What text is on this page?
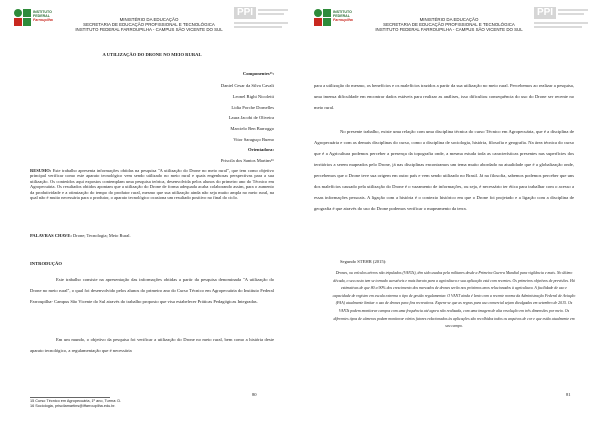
INSTITUTO
FEDERAL
Farroupilha	MINISTÉRIO DA EDUCAÇÃO
SECRETARIA DE EDUCAÇÃO PROFISSIONAL E TECNOLÓGICA
INSTITUTO FEDERAL FARROUPILHA - CAMPUS SÃO VICENTE DO SUL
PPI
A UTILIZAÇÃO DO DRONE NO MEIO RURAL
Componentes¹⁵:
Daniel Cesar da Silva Cavali
Leonel Righi Nicoletti
Lidia Porche Dornelles
Laura Jacobi de Oliveira
Marcielo Ben Barroggo
Vitor Saraguço Bueno
Orientadora:
Priscila dos Santos Martins¹⁶
RESUMO: Este trabalho apresenta informações obtidas na pesquisa "A utilização do Drone no meio rural", que tem como objetivo principal verificar como este aparato tecnológico vem sendo utilizado no meio rural e quais engenhosas perspectivas para a sua utilização. Os conteúdos aqui expostos contemplam uma pesquisa teórica, desenvolvida pelos alunos do primeiro ano do Técnico em Agropecuária. Os resultados obtidos apontam que a utilização do Drone de forma adequada acaba colaborando assim, para o aumento da produtividade e a otimização do tempo do produtor rural, mesmo que sua utilização ainda não seja muito ampla no meio rural, na qual não é muito necessária para o produtor, o aparato tecnológico ocasiona um resultado positivo no final do ciclo.
PALAVRAS CHAVE: Drone; Tecnologia; Meio Rural.
INTRODUÇÃO
Este trabalho consiste na apresentação das informações obtidas a partir da pesquisa denominada "A utilização do Drone no meio rural", o qual foi desenvolvido pelos alunos do primeiro ano do Curso Técnico em Agropecuária do Instituto Federal Farroupilha- Campus São Vicente do Sul através do trabalho proposto que visa estabelecer Práticas Pedagógicas Integradas.
Em um mundo, o objetivo da pesquisa foi verificar a utilização do Drone no meio rural, bem como a história deste aparato tecnológico, a regulamentação que é necessária
15 Curso Técnico em Agropecuária, 1º ano, Turma: D.
16 Sociologia, priscilamartins@iffarroupilha.edu.br.
80
INSTITUTO
FEDERAL
Farroupilha	MINISTÉRIO DA EDUCAÇÃO
SECRETARIA DE EDUCAÇÃO PROFISSIONAL E TECNOLÓGICA
INSTITUTO FEDERAL FARROUPILHA - CAMPUS SÃO VICENTE DO SUL
PPI
para a utilização do mesmo, os benefícios e os malefícios trazidos a partir da sua utilização no meio rural. Percebemos ao realizar a pesquisa, uma imensa dificuldade em encontrar dados estáveis para realizar as análises, isso dificultou consequência do uso do Drone ser recente no meio rural.
No presente trabalho, existe uma relação com uma disciplina técnica do curso Técnico em Agropecuária, que é a disciplina de Agropecuária e com as demais disciplinas do curso, como a disciplina de sociologia, história, filosofia e geografia. Na área técnica do curso que é a Agricultura podemos perceber a presença da topografia onde, a mesma estuda toda as características presentes nas superfícies dos territórios a serem mapeados pelo Drone, já nas disciplinas encontramos um tema muito abordado na atualidade que é a globalização onde, percebemos que o Drone teve sua origem em outro país e vem sendo utilizado no Brasil. Já na filosofia, sabemos podemos perceber que uns dos malefícios causado pela utilização do Drone é o vazamento de informações, ou seja, é necessário ter ética para trabalhar com o acesso a essas informações pessoais. A ligação com a história é o contexto histórico em que o Drone foi projetado e a ligação com a disciplina de geografia é que através do uso do Drone podemos verificar o mapeamento da terra.
Segundo STEHR (2015):
Drones, ou veículos aéreos não tripulados (VANTs), têm sido usados pela militares desde a Primeira Guerra Mundial para vigilância e mais. No último década, o seu custo tem se tornado acessíveis e mais barato para a agricultura e sua aplicação está com recentes. Os primeiros objetivos de previsões. Há estimativas de que 80 a 90% dos crescimento dos mercados de drones serão nos próximos anos relacionados à agricultura. A facilidade de uso e capacidade de registro em escala extrema o tipo de gestão regulamentar. O VANT ainda é lento com a recente norma da Administração Federal de Aviação (FAA) atualmente limitar o uso de drones para fins recreativos. Espera-se que as regras para uso comercial sejam divulgadas em setembro de 2015. Os VANTs podem monitorar campos com uma frequência até agora não realizada, com uma imagem de alta resolução em três dimensões por meio. Os diferentes tipos de câmeras podem monitorar vários fatores relacionados às aplicações são recolhidos todos os arquivos de cor e que estão atualmente em seu campo.
81
